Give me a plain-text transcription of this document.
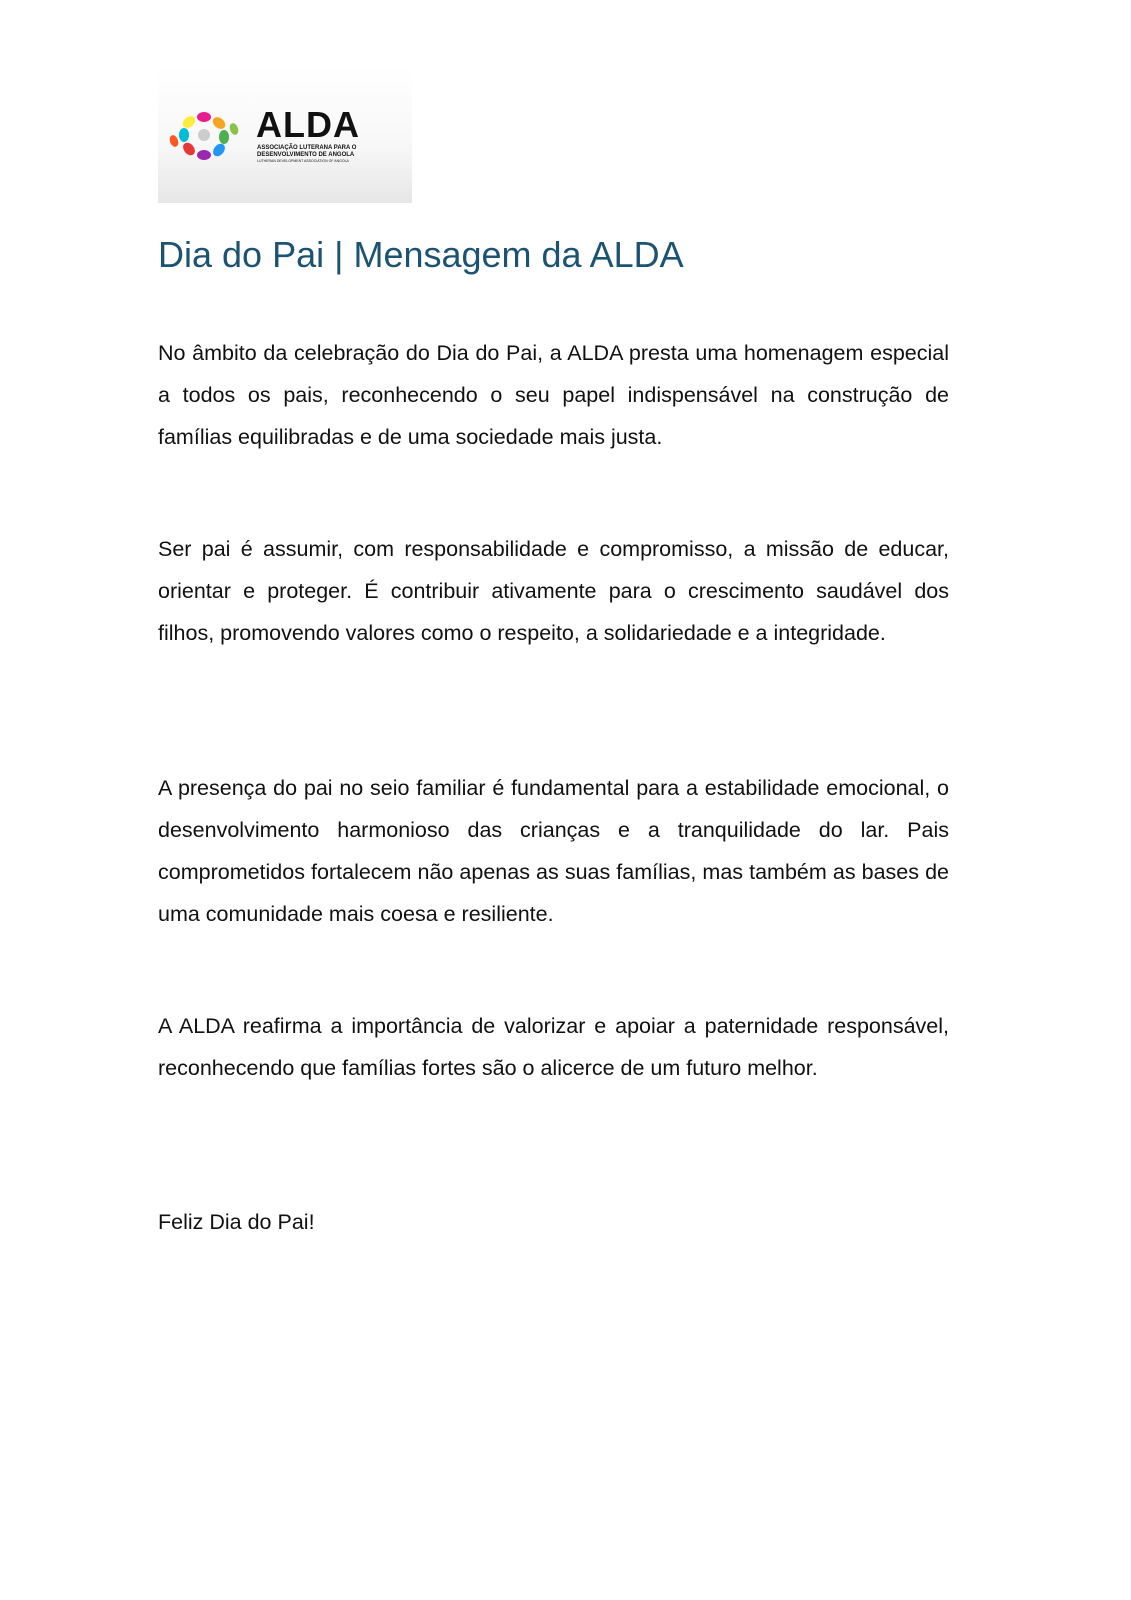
ALDA
ASSOCIAÇÃO LUTERANA PARA O
DESENVOLVIMENTO DE ANGOLA
LUTHERAN DEVELOPMENT ASSOCIATION OF ANGOLA
Dia do Pai | Mensagem da ALDA

No âmbito da celebração do Dia do Pai, a ALDA presta uma homenagem especial a todos os pais, reconhecendo o seu papel indispensável na construção de famílias equilibradas e de uma sociedade mais justa.

Ser pai é assumir, com responsabilidade e compromisso, a missão de educar, orientar e proteger. É contribuir ativamente para o crescimento saudável dos filhos, promovendo valores como o respeito, a solidariedade e a integridade.

A presença do pai no seio familiar é fundamental para a estabilidade emocional, o desenvolvimento harmonioso das crianças e a tranquilidade do lar. Pais comprometidos fortalecem não apenas as suas famílias, mas também as bases de uma comunidade mais coesa e resiliente.

A ALDA reafirma a importância de valorizar e apoiar a paternidade responsável, reconhecendo que famílias fortes são o alicerce de um futuro melhor.

Feliz Dia do Pai!
